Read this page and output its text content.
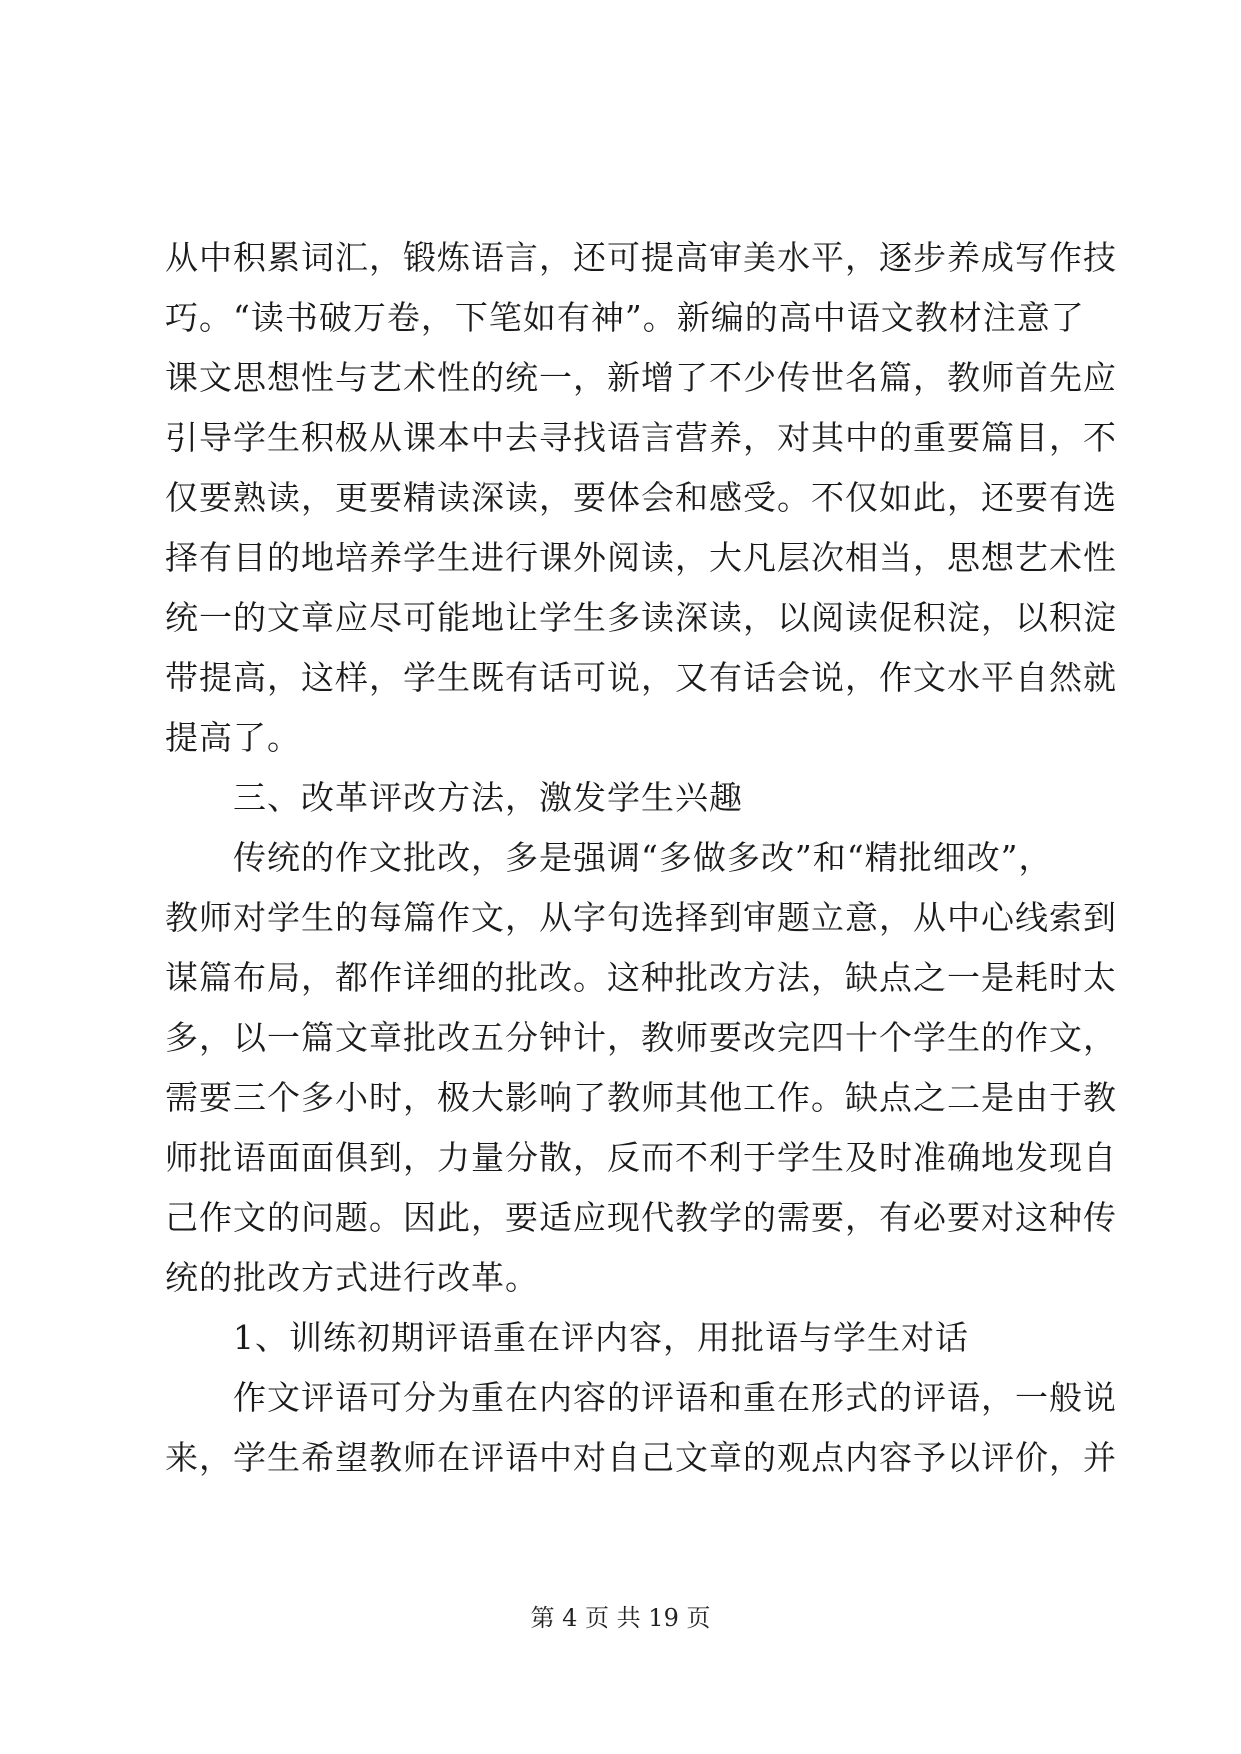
从中积累词汇，锻炼语言，还可提高审美水平，逐步养成写作技
巧。“读书破万卷，下笔如有神”。新编的高中语文教材注意了
课文思想性与艺术性的统一，新增了不少传世名篇，教师首先应
引导学生积极从课本中去寻找语言营养，对其中的重要篇目，不
仅要熟读，更要精读深读，要体会和感受。不仅如此，还要有选
择有目的地培养学生进行课外阅读，大凡层次相当，思想艺术性
统一的文章应尽可能地让学生多读深读，以阅读促积淀，以积淀
带提高，这样，学生既有话可说，又有话会说，作文水平自然就
提高了。
三、改革评改方法，激发学生兴趣
传统的作文批改，多是强调“多做多改”和“精批细改”，
教师对学生的每篇作文，从字句选择到审题立意，从中心线索到
谋篇布局，都作详细的批改。这种批改方法，缺点之一是耗时太
多，以一篇文章批改五分钟计，教师要改完四十个学生的作文，
需要三个多小时，极大影响了教师其他工作。缺点之二是由于教
师批语面面俱到，力量分散，反而不利于学生及时准确地发现自
己作文的问题。因此，要适应现代教学的需要，有必要对这种传
统的批改方式进行改革。
1、训练初期评语重在评内容，用批语与学生对话
作文评语可分为重在内容的评语和重在形式的评语，一般说
来，学生希望教师在评语中对自己文章的观点内容予以评价，并
第 4 页 共 19 页
